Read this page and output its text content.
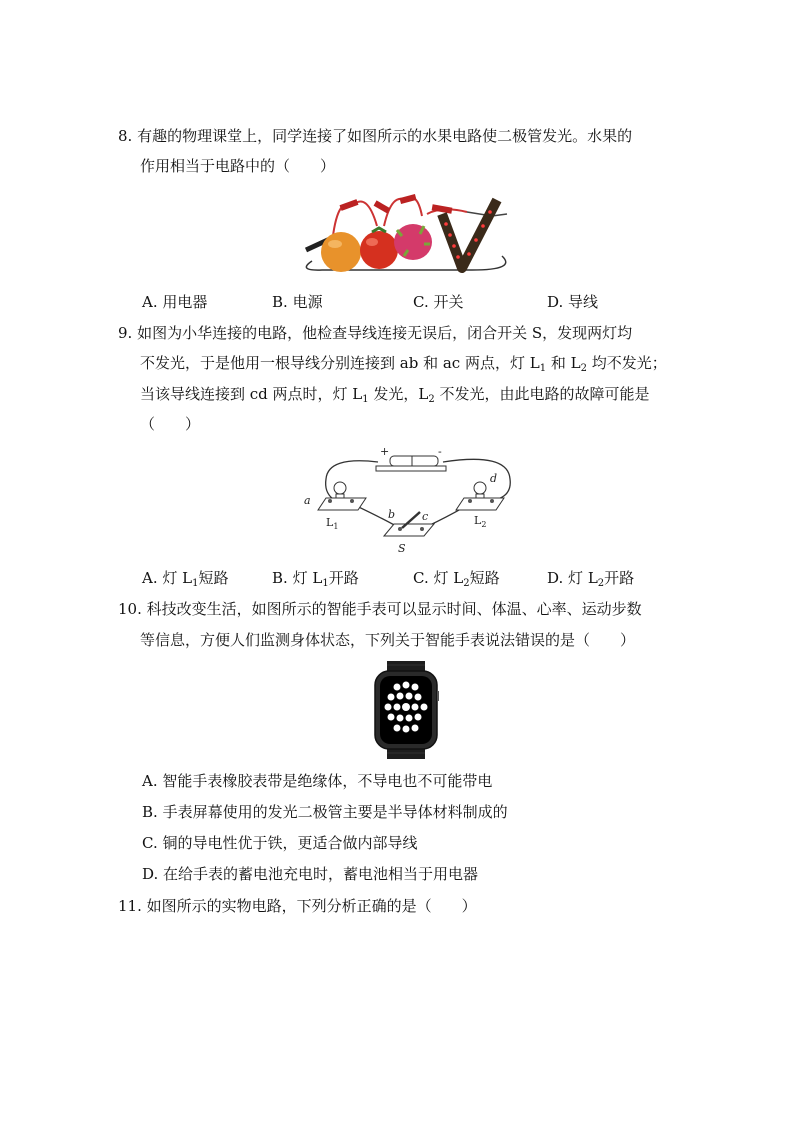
8. 有趣的物理课堂上，同学连接了如图所示的水果电路使二极管发光。水果的
作用相当于电路中的（　　）
A. 用电器	B. 电源	C. 开关	D. 导线
9. 如图为小华连接的电路，他检查导线连接无误后，闭合开关 S，发现两灯均
不发光，于是他用一根导线分别连接到 ab 和 ac 两点，灯 $L_1$ 和 $L_2$ 均不发光；
当该导线连接到 cd 两点时，灯 $L_1$ 发光，$L_2$ 不发光，由此电路的故障可能是
（　　）
+	-
a
$L_1$
d
$L_2$
b c
S
A. 灯 $L_1$短路	B. 灯 $L_1$开路	C. 灯 $L_2$短路	D. 灯 $L_2$开路
10. 科技改变生活，如图所示的智能手表可以显示时间、体温、心率、运动步数
等信息，方便人们监测身体状态，下列关于智能手表说法错误的是（　　）
A. 智能手表橡胶表带是绝缘体，不导电也不可能带电
B. 手表屏幕使用的发光二极管主要是半导体材料制成的
C. 铜的导电性优于铁，更适合做内部导线
D. 在给手表的蓄电池充电时，蓄电池相当于用电器
11. 如图所示的实物电路，下列分析正确的是（　　）
